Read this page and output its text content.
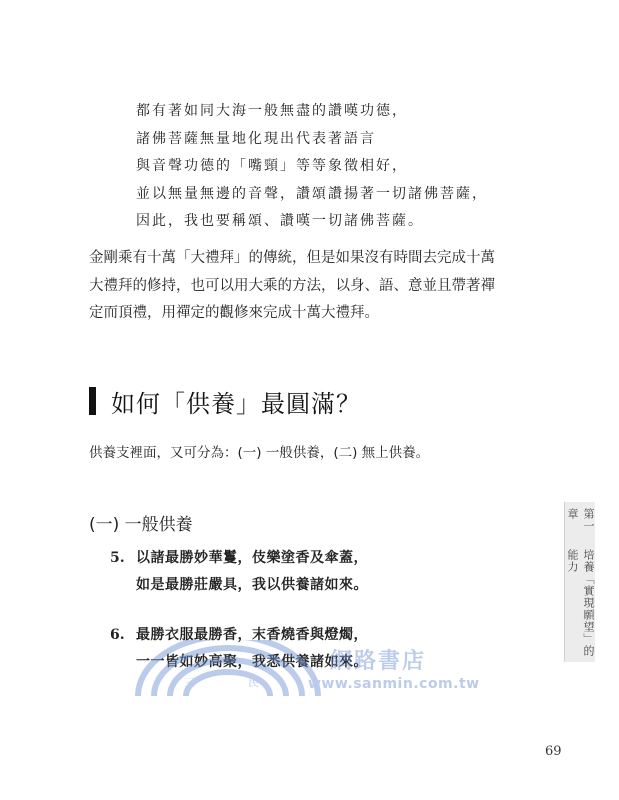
都有著如同大海一般無盡的讚嘆功德，
諸佛菩薩無量地化現出代表著語言
與音聲功德的「嘴頸」等等象徵相好，
並以無量無邊的音聲，讚頌讚揚著一切諸佛菩薩，
因此，我也要稱頌、讚嘆一切諸佛菩薩。
金剛乘有十萬「大禮拜」的傳統，但是如果沒有時間去完成十萬
大禮拜的修持，也可以用大乘的方法，以身、語、意並且帶著禪
定而頂禮，用禪定的觀修來完成十萬大禮拜。
如何「供養」最圓滿？
供養支裡面，又可分為：(一) 一般供養，(二) 無上供養。
(一) 一般供養
5. 以諸最勝妙華鬘，伎樂塗香及傘蓋，
如是最勝莊嚴具，我以供養諸如來。
6. 最勝衣服最勝香，末香燒香與燈燭，
一一皆如妙高聚，我悉供養諸如來。
第一章
培養「實現願望」的能力
69
三	民
網路書店
www.sanmin.com.tw
